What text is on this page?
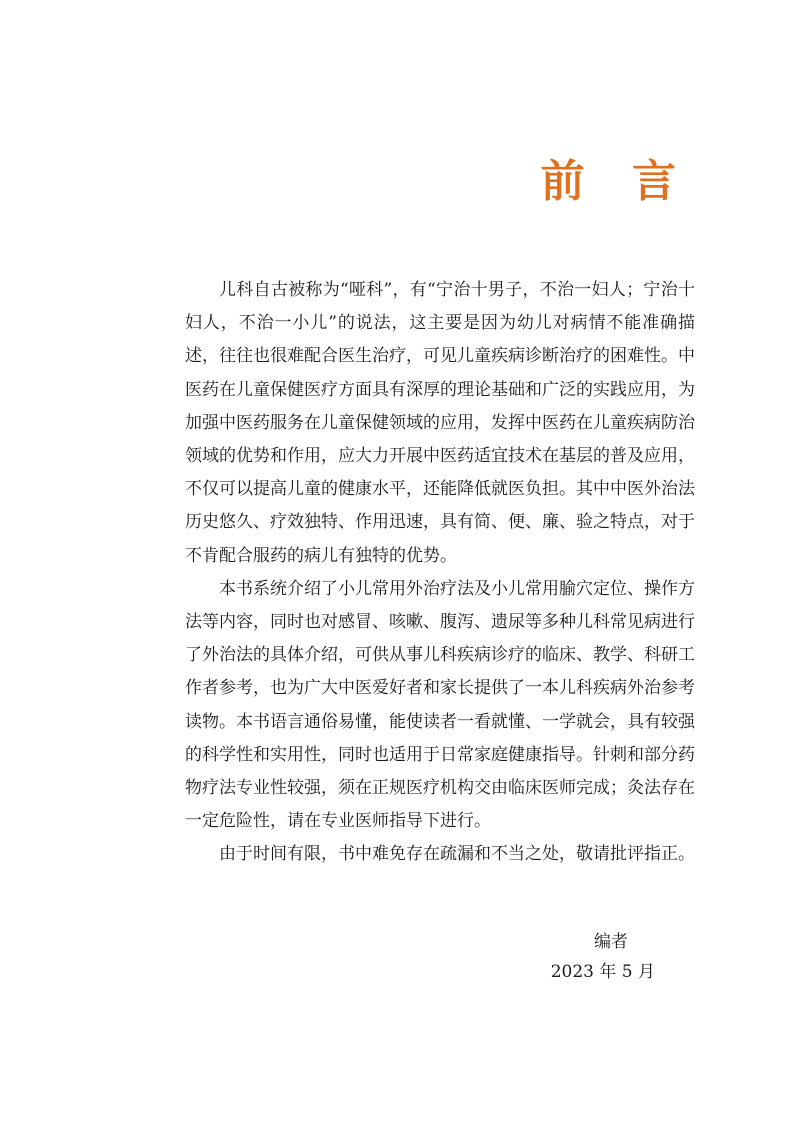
前 言

儿科自古被称为“哑科”，有“宁治十男子，不治一妇人；宁治十妇人，不治一小儿”的说法，这主要是因为幼儿对病情不能准确描述，往往也很难配合医生治疗，可见儿童疾病诊断治疗的困难性。中医药在儿童保健医疗方面具有深厚的理论基础和广泛的实践应用，为加强中医药服务在儿童保健领域的应用，发挥中医药在儿童疾病防治领域的优势和作用，应大力开展中医药适宜技术在基层的普及应用，不仅可以提高儿童的健康水平，还能降低就医负担。其中中医外治法历史悠久、疗效独特、作用迅速，具有简、便、廉、验之特点，对于不肯配合服药的病儿有独特的优势。

本书系统介绍了小儿常用外治疗法及小儿常用腧穴定位、操作方法等内容，同时也对感冒、咳嗽、腹泻、遗尿等多种儿科常见病进行了外治法的具体介绍，可供从事儿科疾病诊疗的临床、教学、科研工作者参考，也为广大中医爱好者和家长提供了一本儿科疾病外治参考读物。本书语言通俗易懂，能使读者一看就懂、一学就会，具有较强的科学性和实用性，同时也适用于日常家庭健康指导。针刺和部分药物疗法专业性较强，须在正规医疗机构交由临床医师完成；灸法存在一定危险性，请在专业医师指导下进行。

由于时间有限，书中难免存在疏漏和不当之处，敬请批评指正。

编者
2023 年 5 月
